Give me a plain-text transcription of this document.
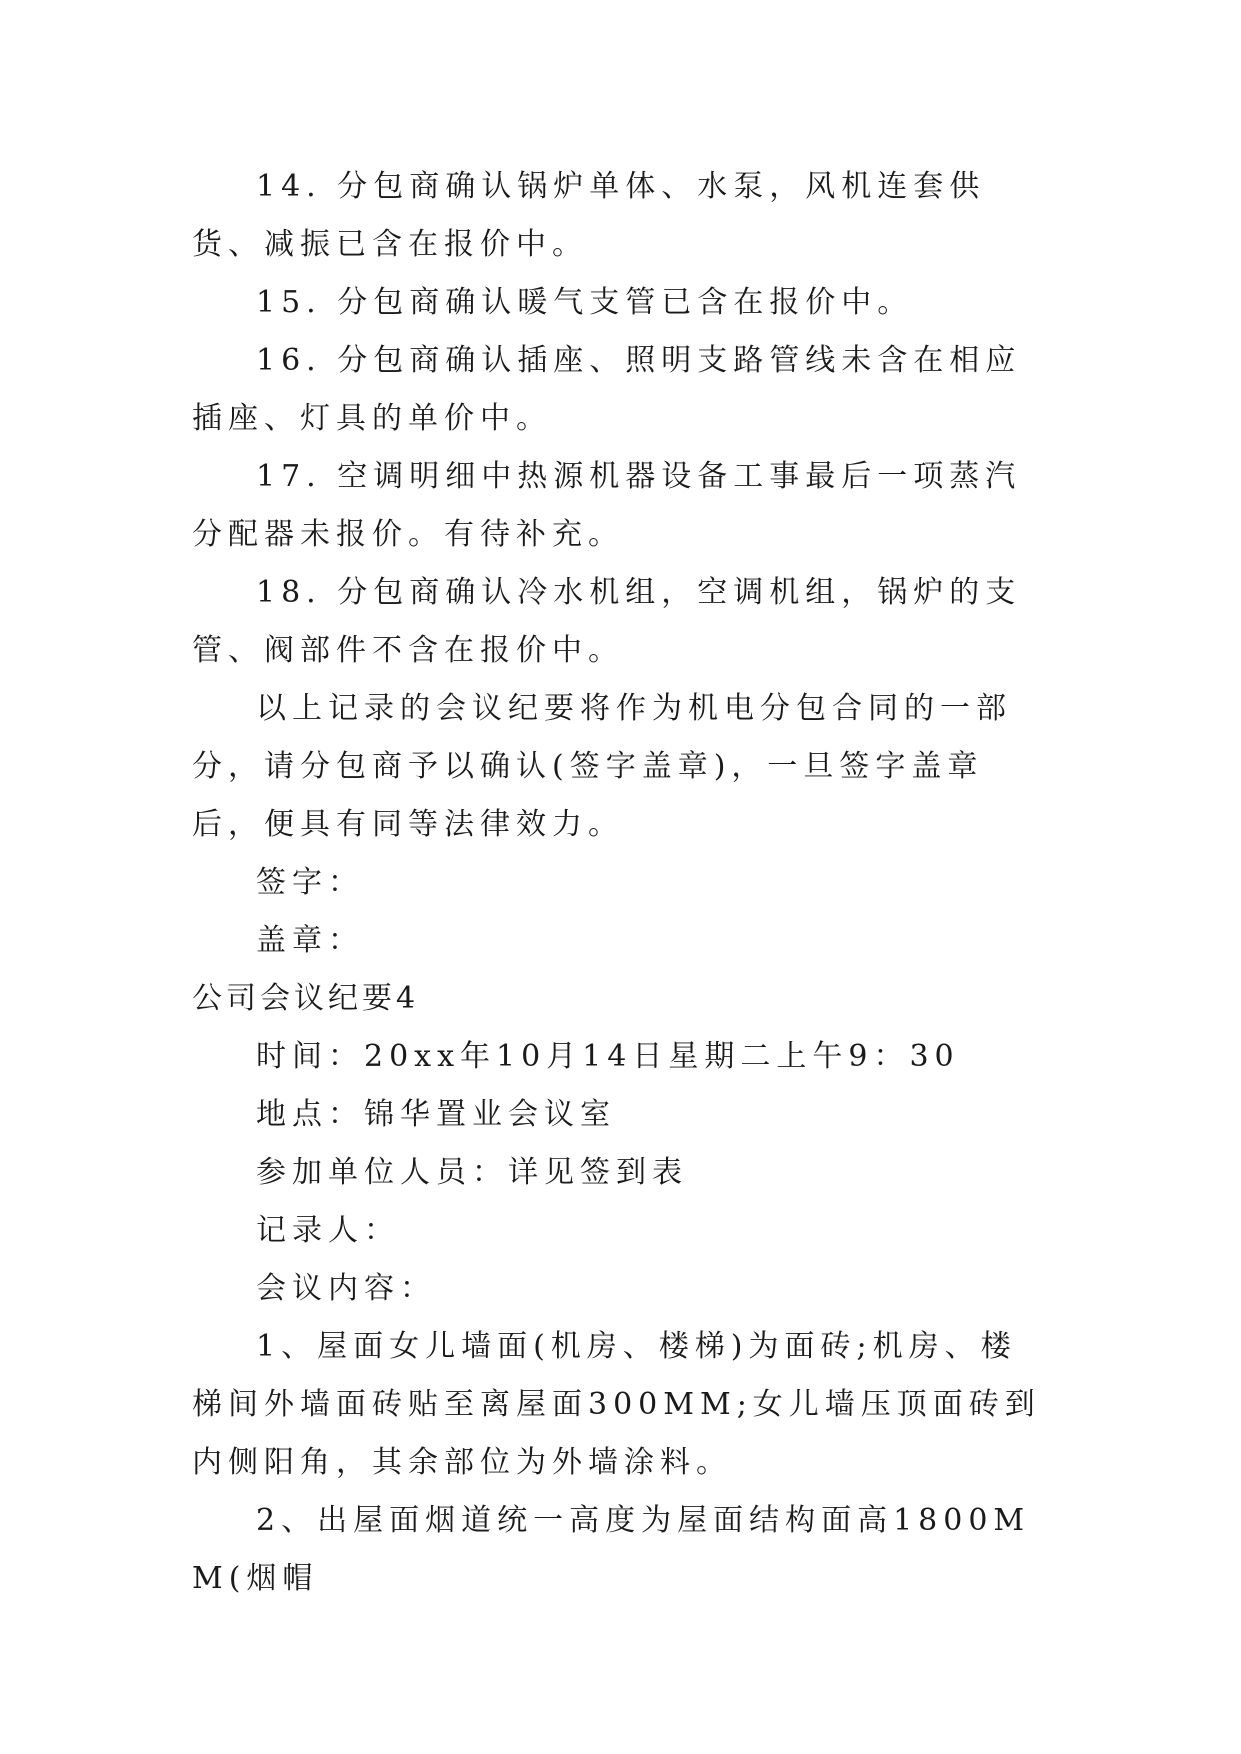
14. 分包商确认锅炉单体、水泵，风机连套供货、减振已含在报价中。

15. 分包商确认暖气支管已含在报价中。

16. 分包商确认插座、照明支路管线未含在相应插座、灯具的单价中。

17. 空调明细中热源机器设备工事最后一项蒸汽分配器未报价。有待补充。

18. 分包商确认冷水机组，空调机组，锅炉的支管、阀部件不含在报价中。

以上记录的会议纪要将作为机电分包合同的一部分，请分包商予以确认(签字盖章)，一旦签字盖章后，便具有同等法律效力。

签字：

盖章：

公司会议纪要4

时间：20xx年10月14日星期二上午9：30

地点：锦华置业会议室

参加单位人员：详见签到表

记录人：

会议内容：

1、屋面女儿墙面(机房、楼梯)为面砖;机房、楼梯间外墙面砖贴至离屋面300MM;女儿墙压顶面砖到内侧阳角，其余部位为外墙涂料。

2、出屋面烟道统一高度为屋面结构面高1800MM(烟帽
